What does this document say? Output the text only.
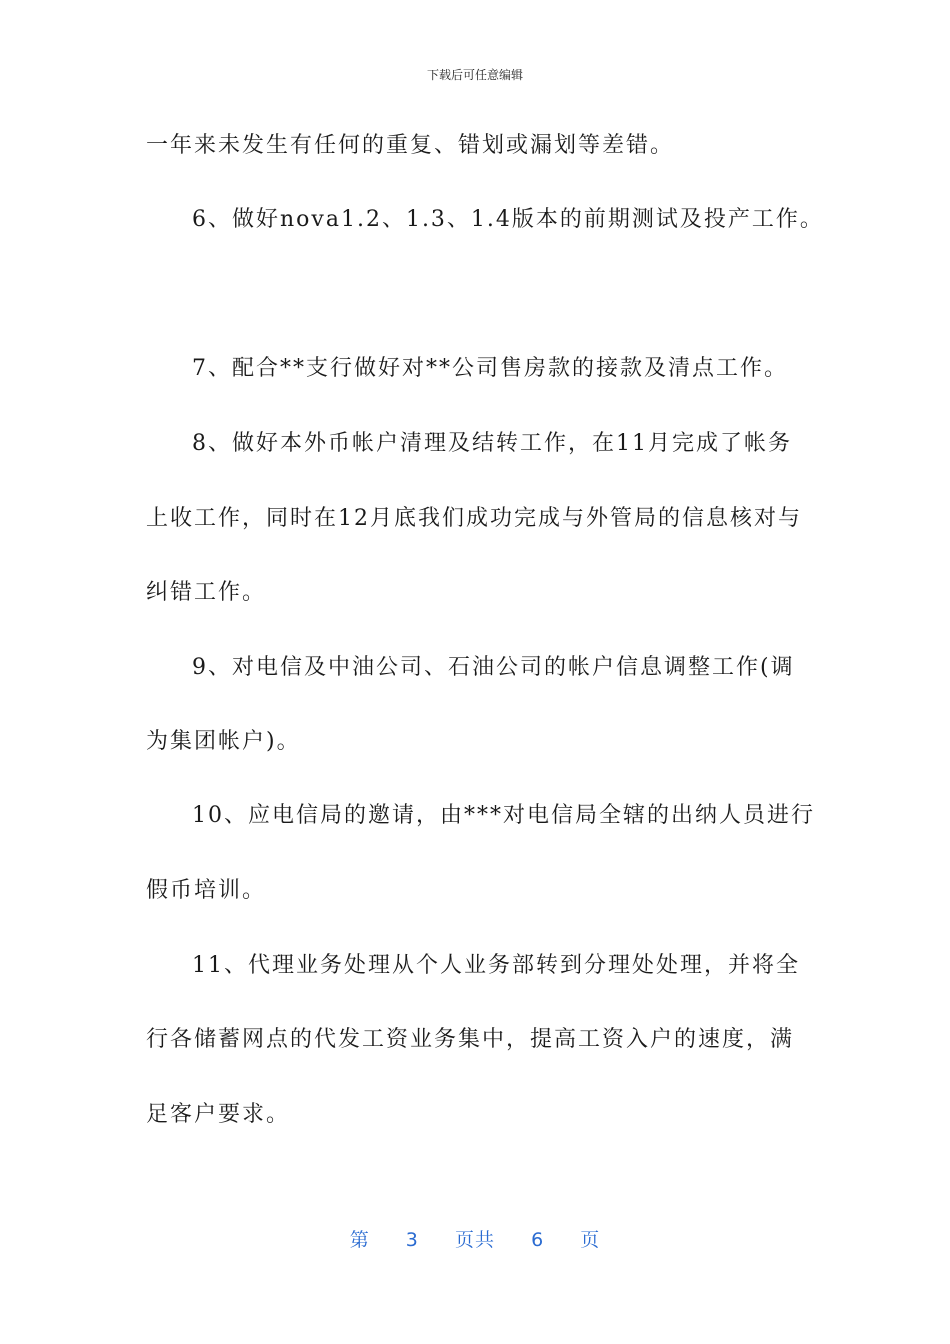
下载后可任意编辑
一年来未发生有任何的重复、错划或漏划等差错。
6、做好nova1.2、1.3、1.4版本的前期测试及投产工作。
7、配合**支行做好对**公司售房款的接款及清点工作。
8、做好本外币帐户清理及结转工作，在11月完成了帐务
上收工作，同时在12月底我们成功完成与外管局的信息核对与
纠错工作。
9、对电信及中油公司、石油公司的帐户信息调整工作(调
为集团帐户)。
10、应电信局的邀请，由***对电信局全辖的出纳人员进行
假币培训。
11、代理业务处理从个人业务部转到分理处处理，并将全
行各储蓄网点的代发工资业务集中，提高工资入户的速度，满
足客户要求。
第 3 页共 6 页
